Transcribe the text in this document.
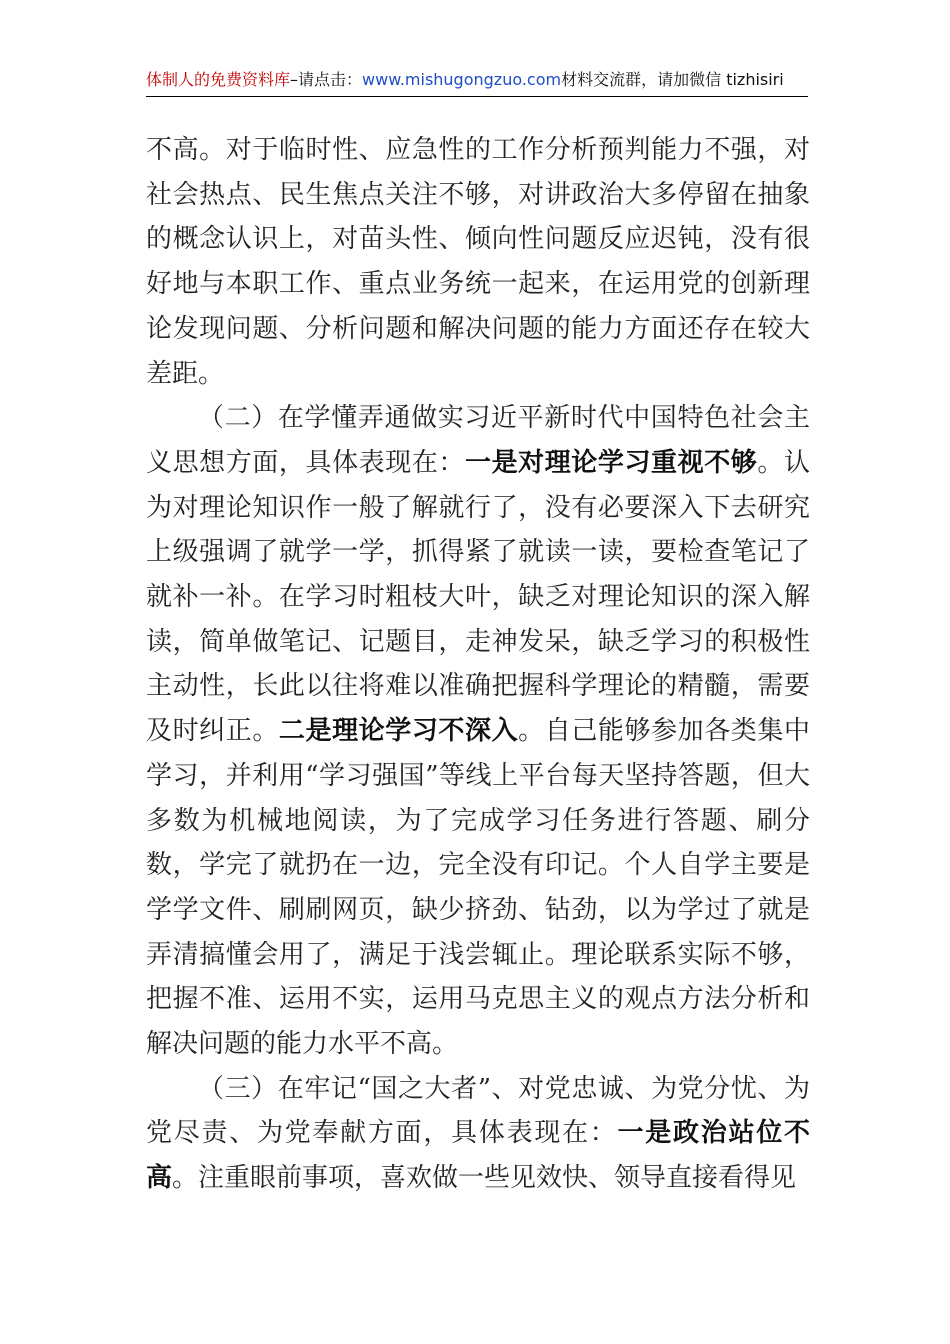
体制人的免费资料库–请点击：www.mishugongzuo.com材料交流群，请加微信 tizhisiri

不高。对于临时性、应急性的工作分析预判能力不强，对社会热点、民生焦点关注不够，对讲政治大多停留在抽象的概念认识上，对苗头性、倾向性问题反应迟钝，没有很好地与本职工作、重点业务统一起来，在运用党的创新理论发现问题、分析问题和解决问题的能力方面还存在较大差距。

（二）在学懂弄通做实习近平新时代中国特色社会主义思想方面，具体表现在：一是对理论学习重视不够。认为对理论知识作一般了解就行了，没有必要深入下去研究上级强调了就学一学，抓得紧了就读一读，要检查笔记了就补一补。在学习时粗枝大叶，缺乏对理论知识的深入解读，简单做笔记、记题目，走神发呆，缺乏学习的积极性主动性，长此以往将难以准确把握科学理论的精髓，需要及时纠正。二是理论学习不深入。自己能够参加各类集中学习，并利用“学习强国”等线上平台每天坚持答题，但大多数为机械地阅读，为了完成学习任务进行答题、刷分数，学完了就扔在一边，完全没有印记。个人自学主要是学学文件、刷刷网页，缺少挤劲、钻劲，以为学过了就是弄清搞懂会用了，满足于浅尝辄止。理论联系实际不够，把握不准、运用不实，运用马克思主义的观点方法分析和解决问题的能力水平不高。

（三）在牢记“国之大者”、对党忠诚、为党分忧、为党尽责、为党奉献方面，具体表现在：一是政治站位不高。注重眼前事项，喜欢做一些见效快、领导直接看得见
